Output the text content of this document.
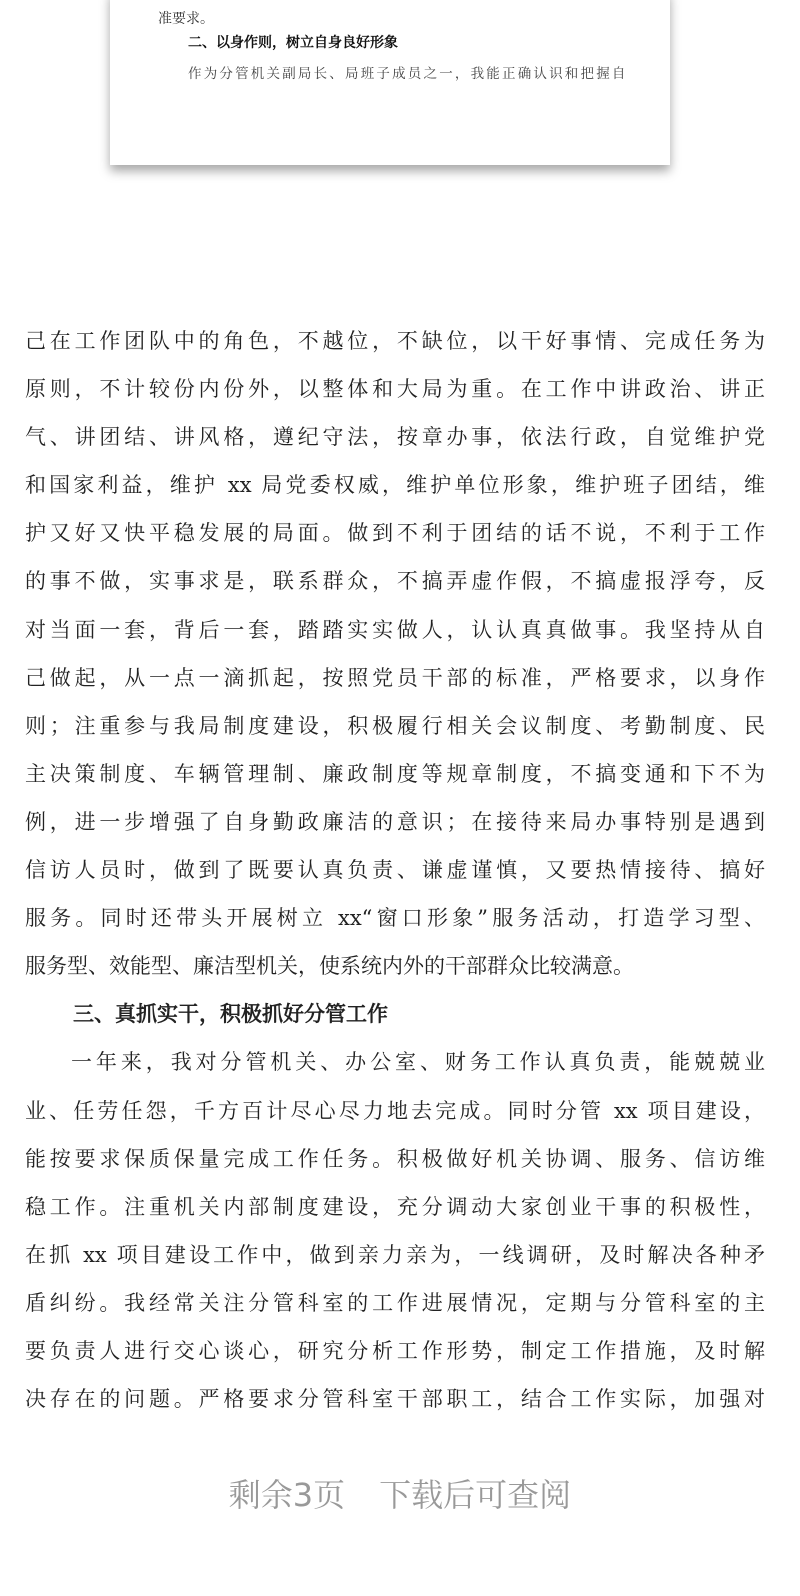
准要求。
二、以身作则，树立自身良好形象
作为分管机关副局长、局班子成员之一，我能正确认识和把握自
己在工作团队中的角色，不越位，不缺位，以干好事情、完成任务为
原则，不计较份内份外，以整体和大局为重。在工作中讲政治、讲正
气、讲团结、讲风格，遵纪守法，按章办事，依法行政，自觉维护党
和国家利益，维护 xx 局党委权威，维护单位形象，维护班子团结，维
护又好又快平稳发展的局面。做到不利于团结的话不说，不利于工作
的事不做，实事求是，联系群众，不搞弄虚作假，不搞虚报浮夸，反
对当面一套，背后一套，踏踏实实做人，认认真真做事。我坚持从自
己做起，从一点一滴抓起，按照党员干部的标准，严格要求，以身作
则；注重参与我局制度建设，积极履行相关会议制度、考勤制度、民
主决策制度、车辆管理制、廉政制度等规章制度，不搞变通和下不为
例，进一步增强了自身勤政廉洁的意识；在接待来局办事特别是遇到
信访人员时，做到了既要认真负责、谦虚谨慎，又要热情接待、搞好
服务。同时还带头开展树立 xx“窗口形象”服务活动，打造学习型、
服务型、效能型、廉洁型机关，使系统内外的干部群众比较满意。
三、真抓实干，积极抓好分管工作
一年来，我对分管机关、办公室、财务工作认真负责，能兢兢业
业、任劳任怨，千方百计尽心尽力地去完成。同时分管 xx 项目建设，
能按要求保质保量完成工作任务。积极做好机关协调、服务、信访维
稳工作。注重机关内部制度建设，充分调动大家创业干事的积极性，
在抓 xx 项目建设工作中，做到亲力亲为，一线调研，及时解决各种矛
盾纠纷。我经常关注分管科室的工作进展情况，定期与分管科室的主
要负责人进行交心谈心，研究分析工作形势，制定工作措施，及时解
决存在的问题。严格要求分管科室干部职工，结合工作实际，加强对
剩余3页 下载后可查阅
